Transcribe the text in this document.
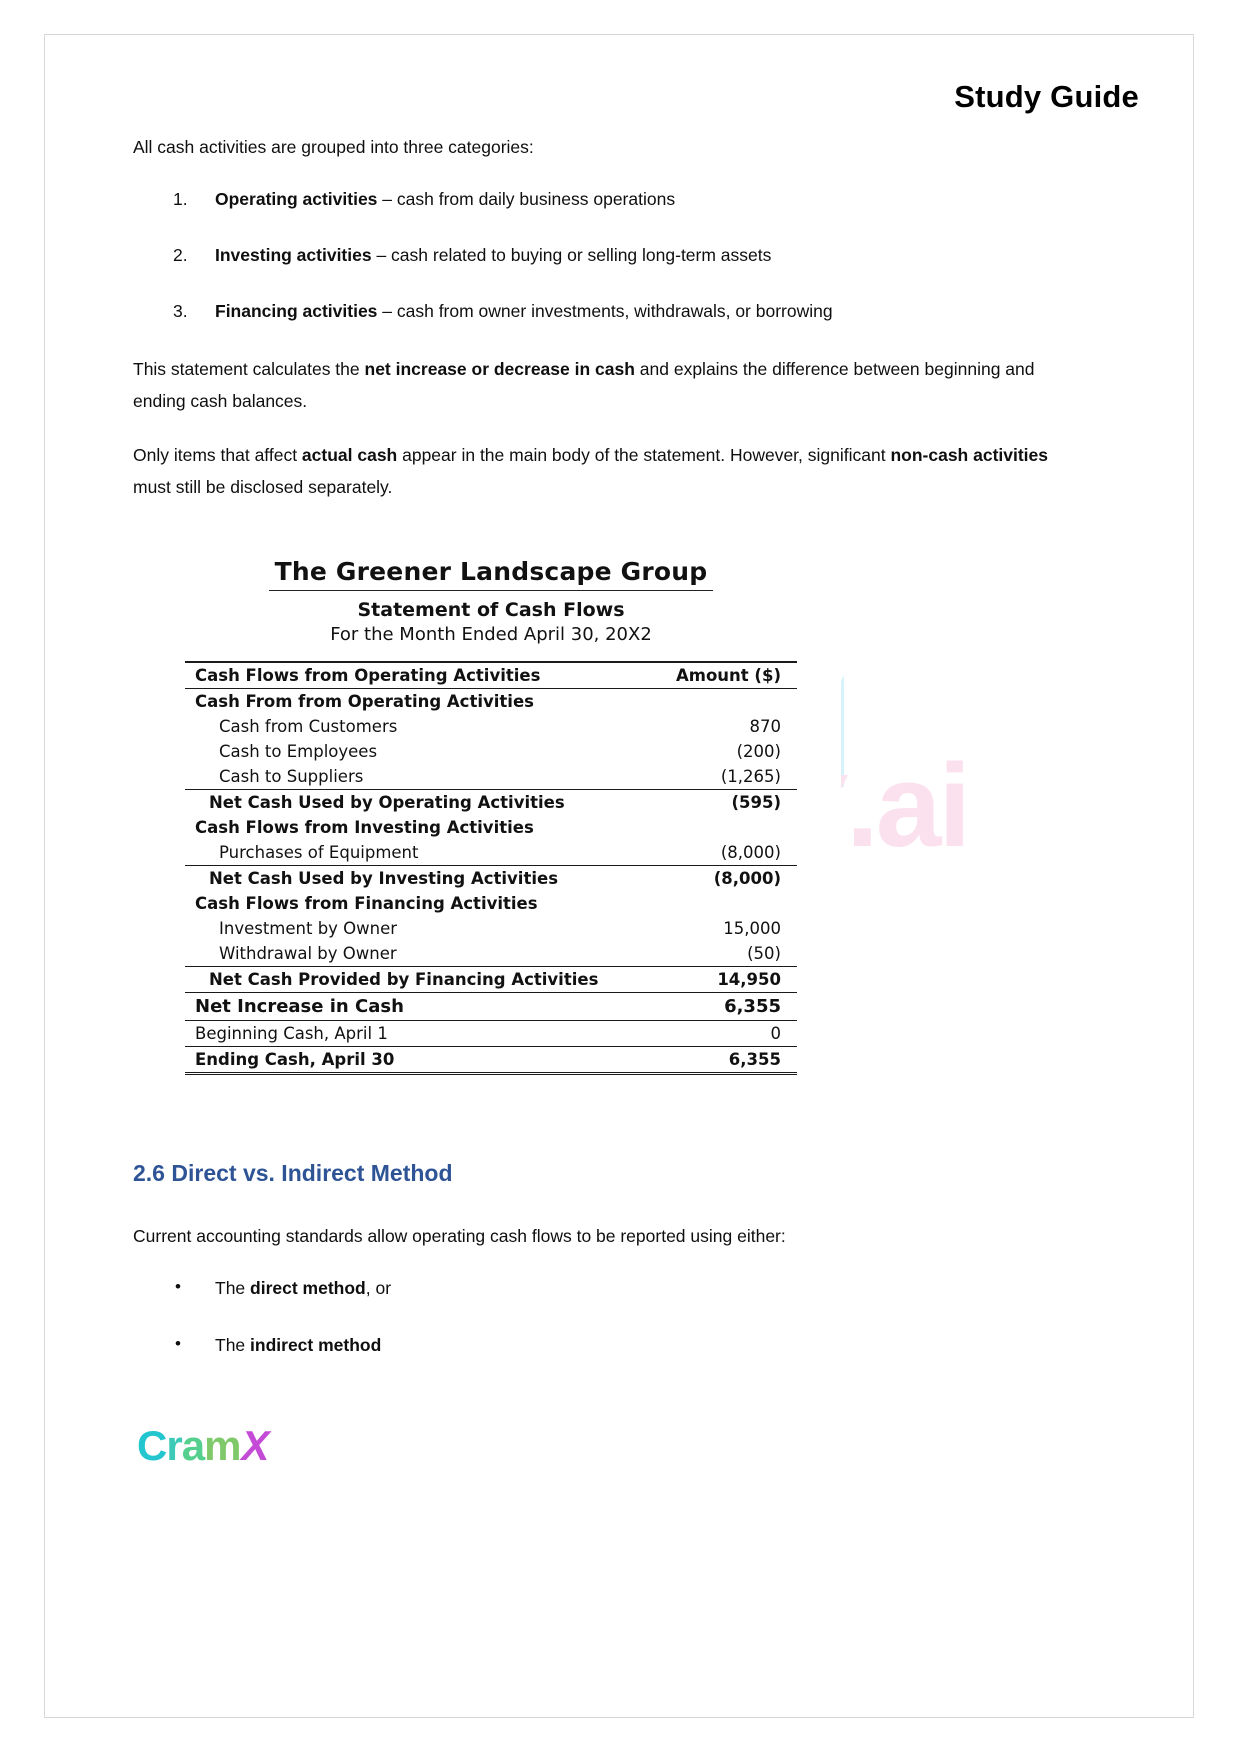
Study Guide

All cash activities are grouped into three categories:

1.	Operating activities – cash from daily business operations
2.	Investing activities – cash related to buying or selling long-term assets
3.	Financing activities – cash from owner investments, withdrawals, or borrowing

This statement calculates the net increase or decrease in cash and explains the difference between beginning and ending cash balances.

Only items that affect actual cash appear in the main body of the statement. However, significant non-cash activities must still be disclosed separately.

.ai
The Greener Landscape Group
Statement of Cash Flows
For the Month Ended April 30, 20X2
Cash Flows from Operating Activities	Amount ($)
Cash From from Operating Activities	
Cash from Customers	870
Cash to Employees	(200)
Cash to Suppliers	(1,265)
Net Cash Used by Operating Activities	(595)
Cash Flows from Investing Activities	
Purchases of Equipment	(8,000)
Net Cash Used by Investing Activities	(8,000)
Cash Flows from Financing Activities	
Investment by Owner	15,000
Withdrawal by Owner	(50)
Net Cash Provided by Financing Activities	14,950
Net Increase in Cash	6,355
Beginning Cash, April 1	0
Ending Cash, April 30	6,355
2.6 Direct vs. Indirect Method

Current accounting standards allow operating cash flows to be reported using either:

• The direct method, or
• The indirect method
CramX
